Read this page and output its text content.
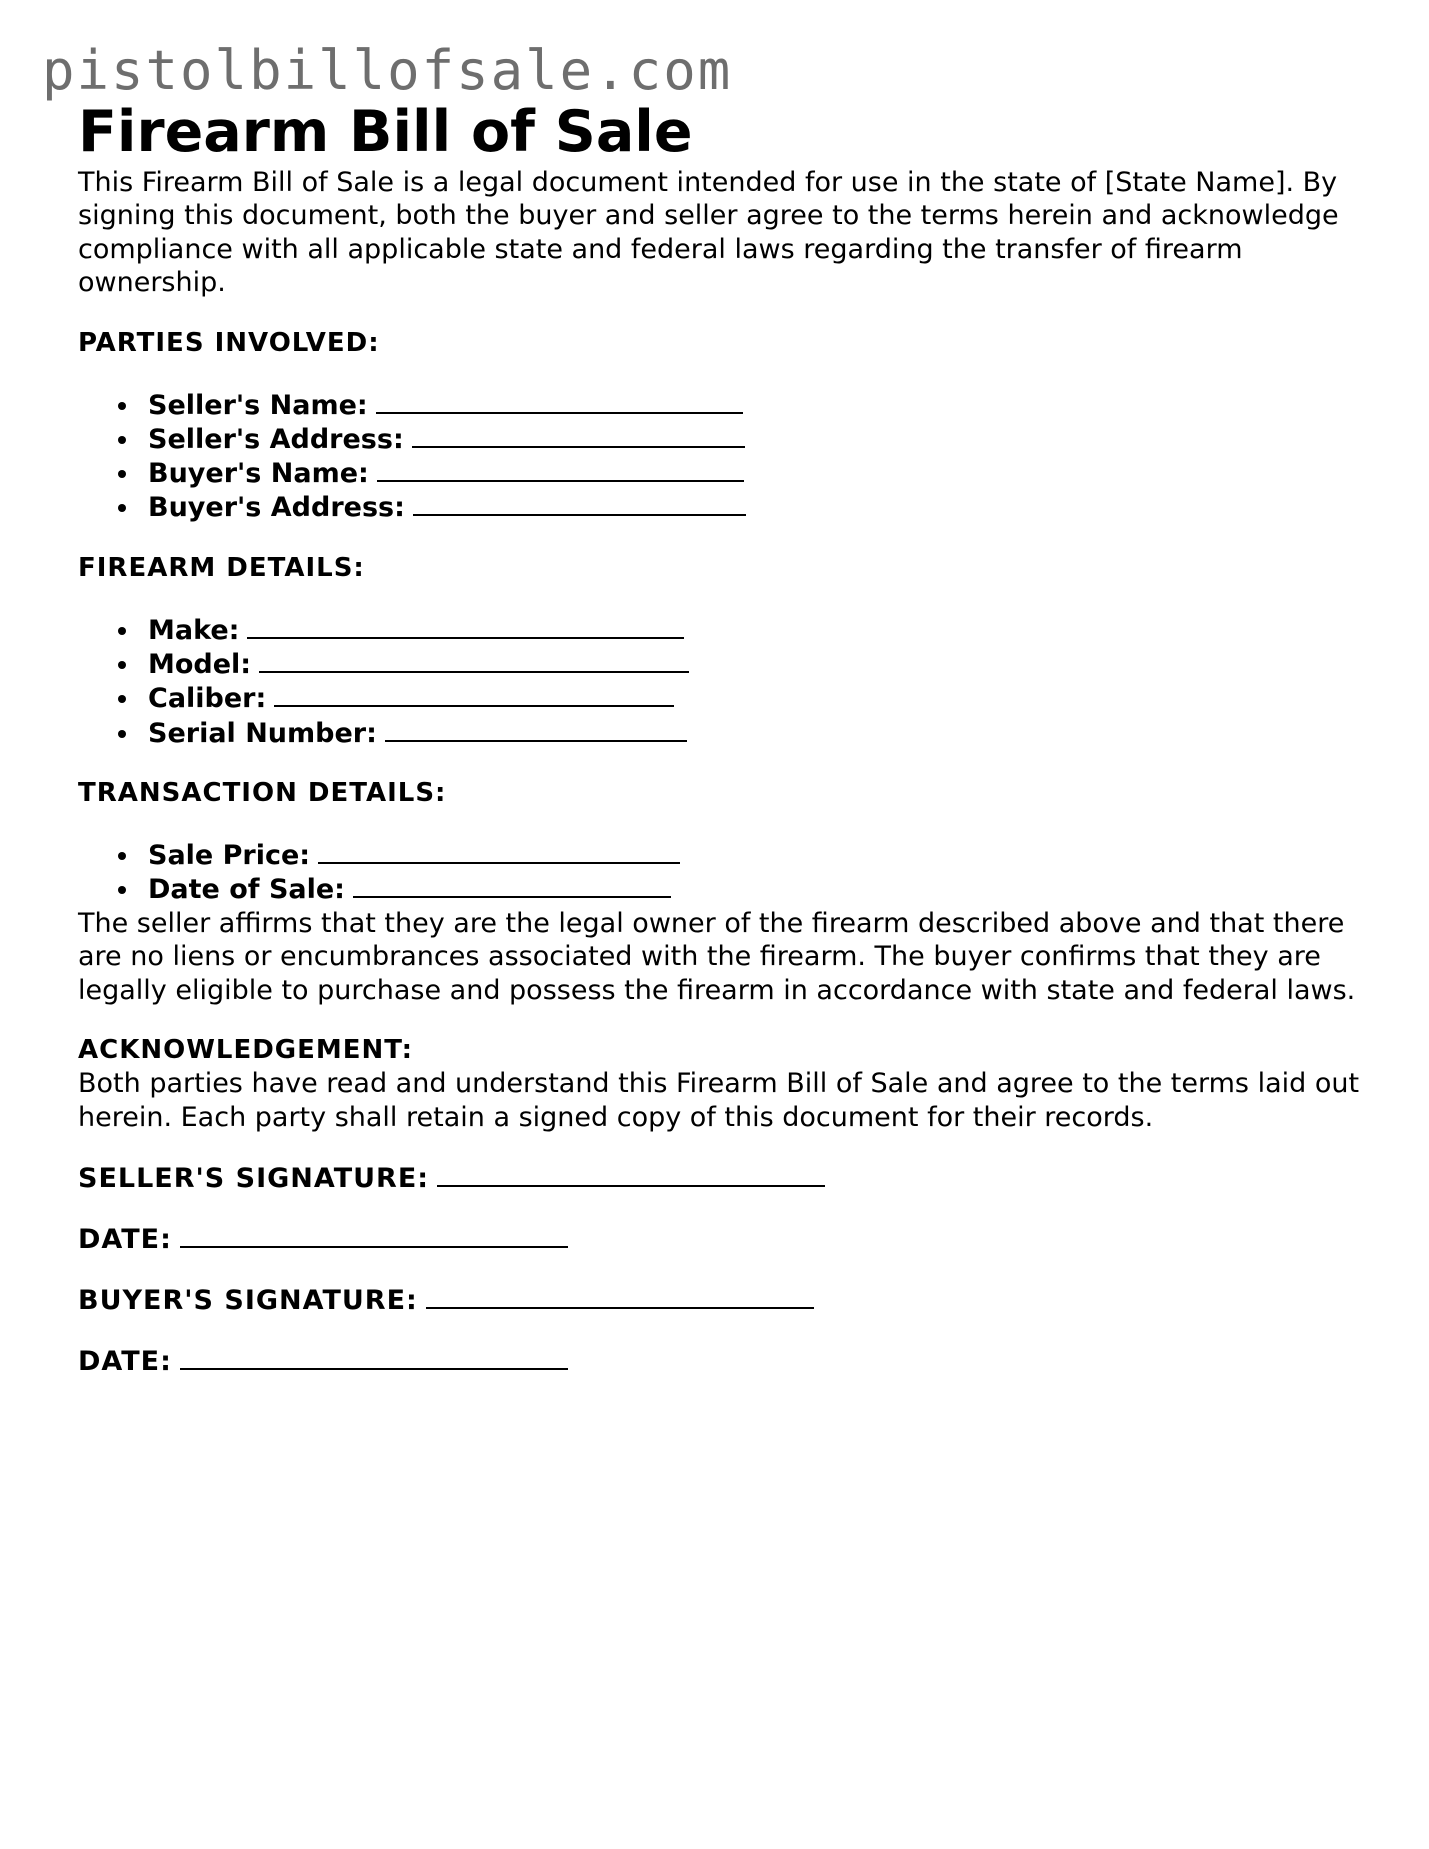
pistolbillofsale.com
Firearm Bill of Sale

This Firearm Bill of Sale is a legal document intended for use in the state of [State Name]. By signing this document, both the buyer and seller agree to the terms herein and acknowledge compliance with all applicable state and federal laws regarding the transfer of firearm ownership.

PARTIES INVOLVED:

Seller's Name:
Seller's Address:
Buyer's Name:
Buyer's Address:

FIREARM DETAILS:

Make:
Model:
Caliber:
Serial Number:

TRANSACTION DETAILS:

Sale Price:
Date of Sale:

The seller affirms that they are the legal owner of the firearm described above and that there are no liens or encumbrances associated with the firearm. The buyer confirms that they are legally eligible to purchase and possess the firearm in accordance with state and federal laws.

ACKNOWLEDGEMENT:

Both parties have read and understand this Firearm Bill of Sale and agree to the terms laid out herein. Each party shall retain a signed copy of this document for their records.

SELLER'S SIGNATURE:

DATE:

BUYER'S SIGNATURE:

DATE:
